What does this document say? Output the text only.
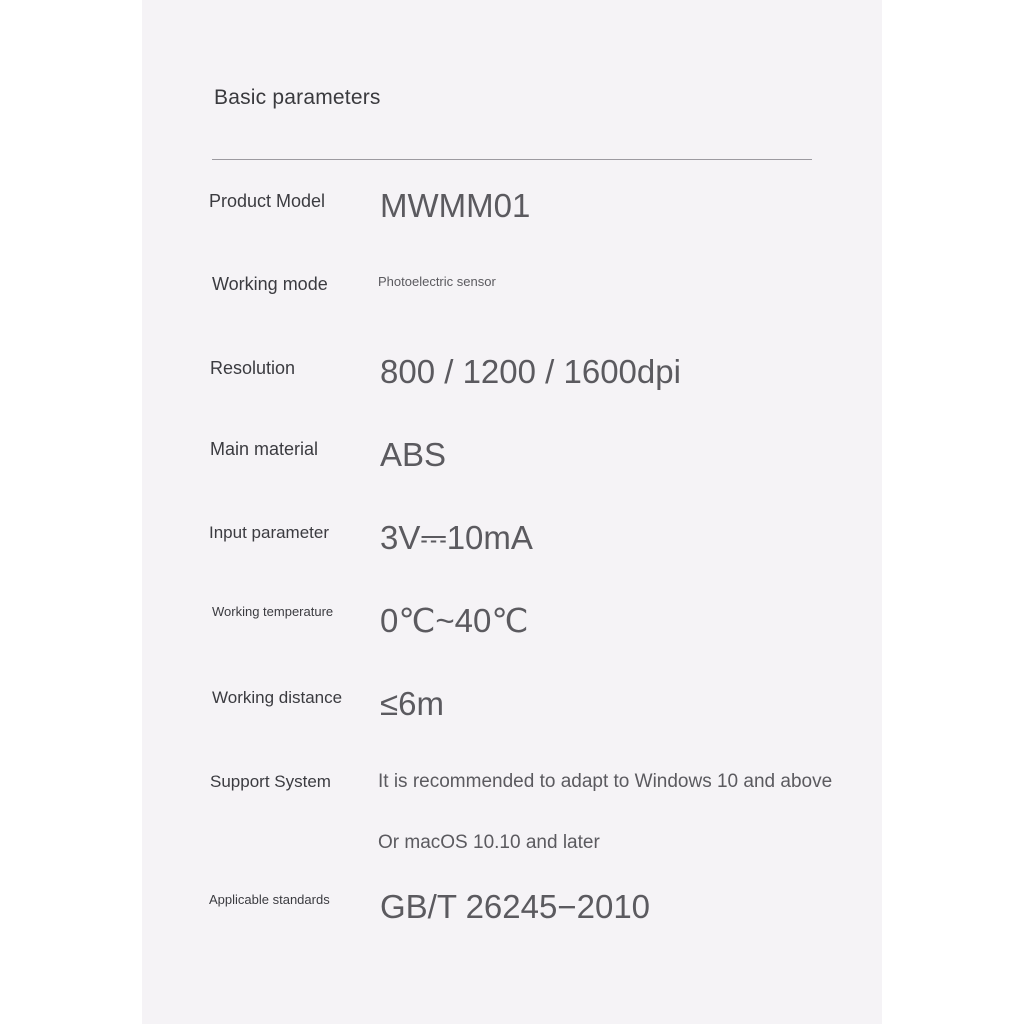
Basic parameters
Product Model MWMM01
Working mode	Photoelectric sensor
Resolution	800 / 1200 / 1600dpi
Main material ABS
Input parameter 3V⎓10mA
Working temperature 0℃~40℃
Working distance ≤6m
Support System It is recommended to adapt to Windows 10 and above
Or macOS 10.10 and later
Applicable standards GB/T 26245−2010
